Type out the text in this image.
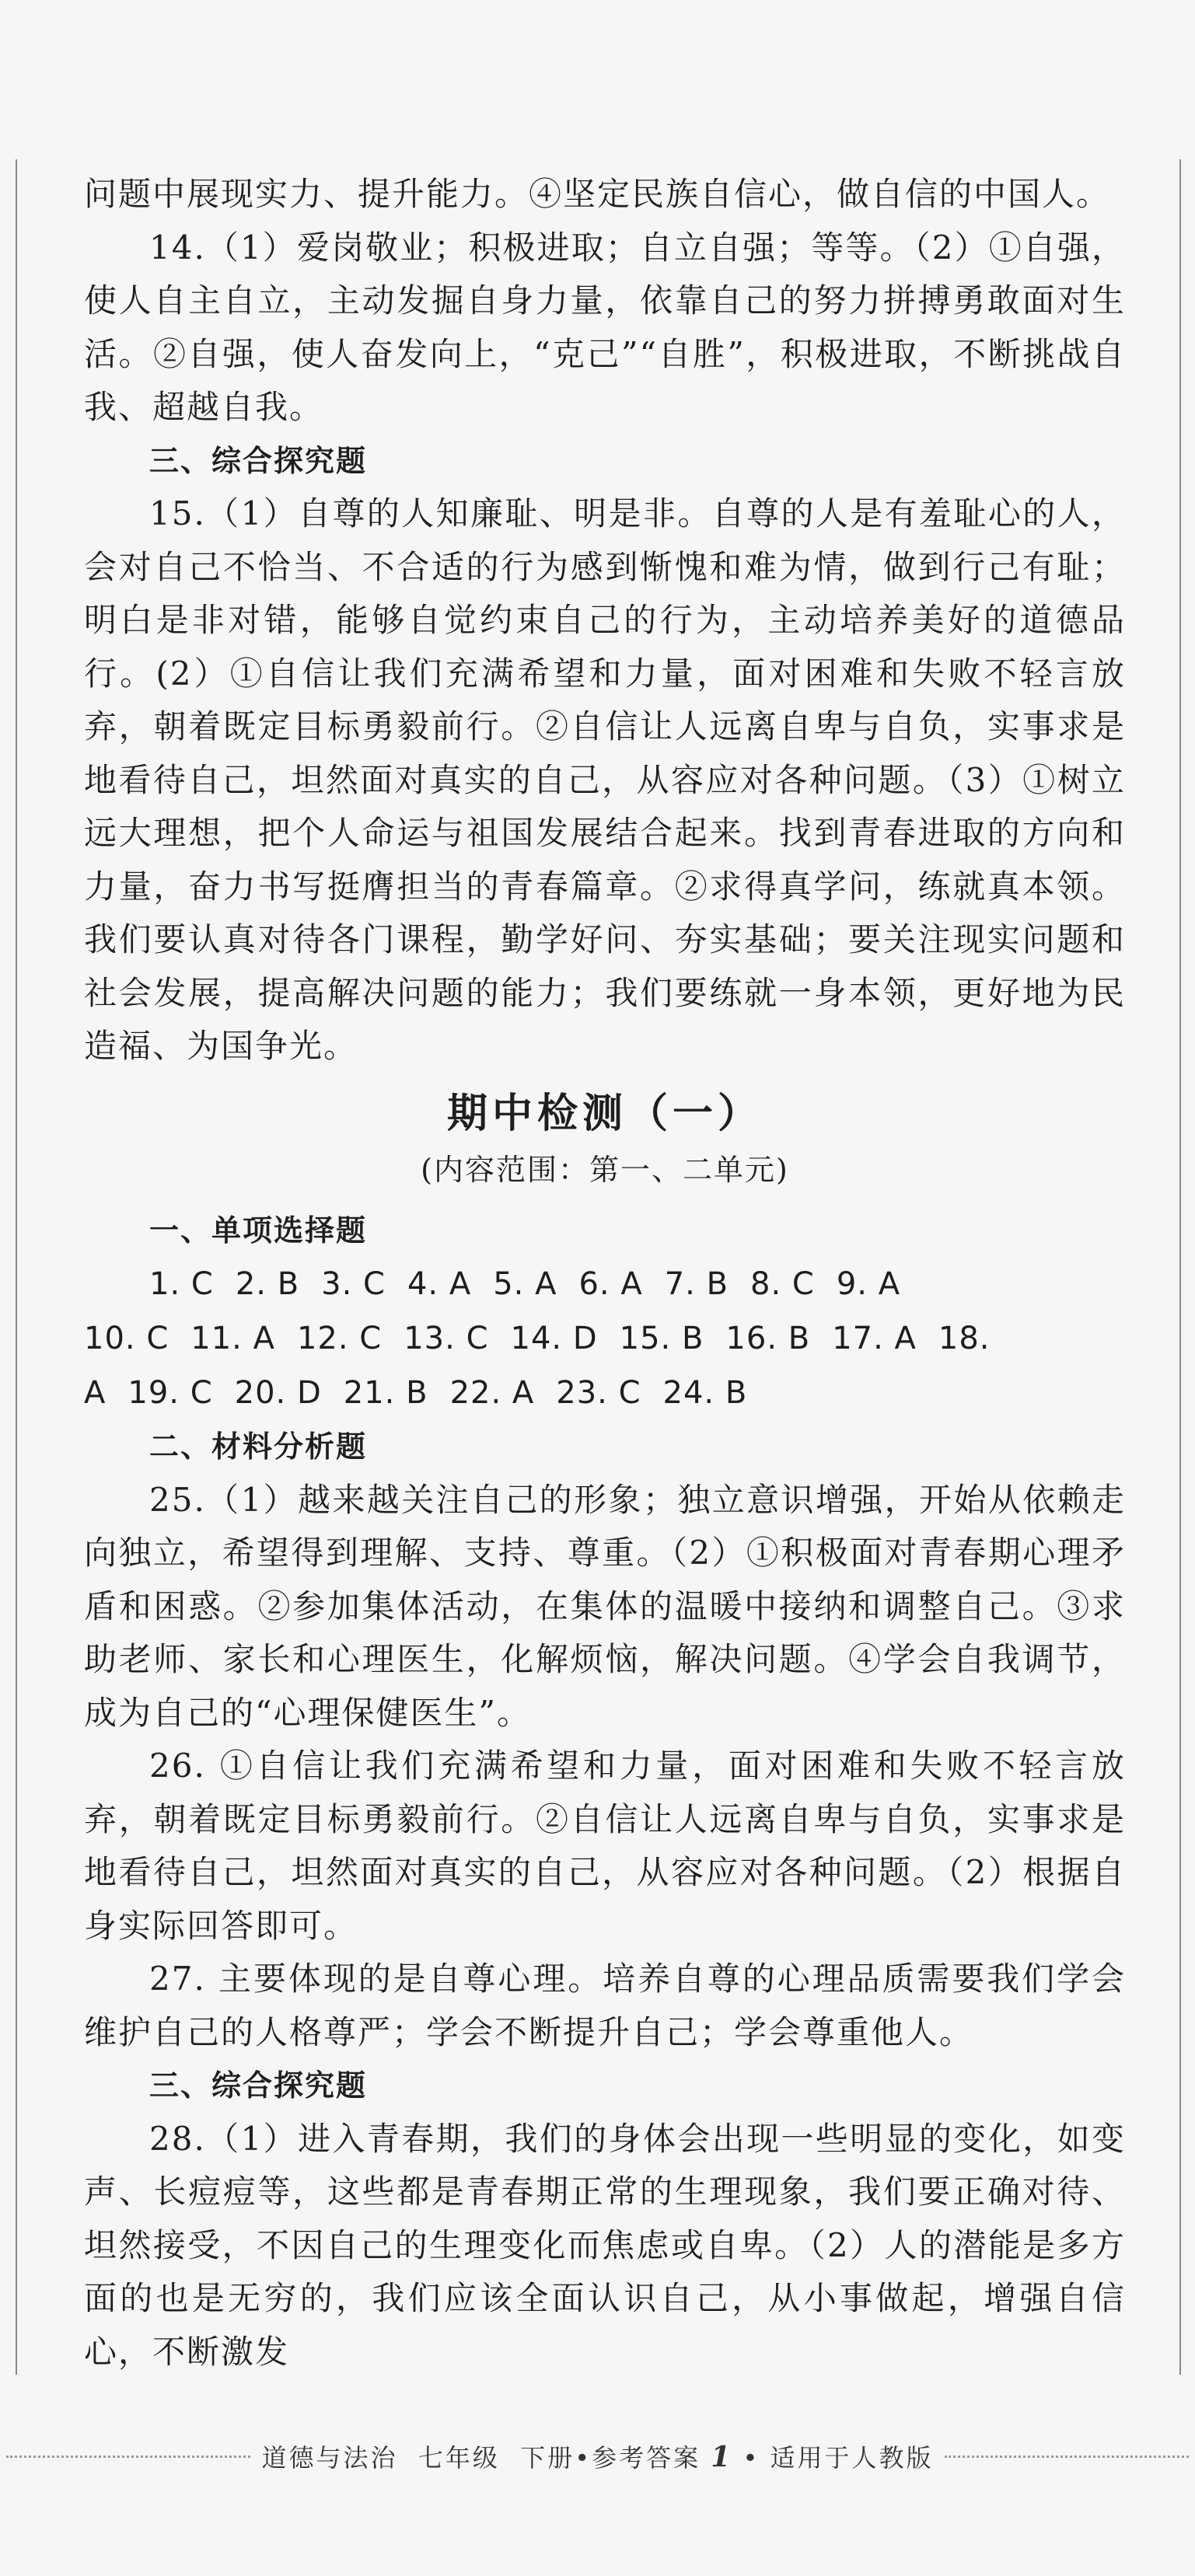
问题中展现实力、提升能力。④坚定民族自信心，做自信的中国人。

14.（1）爱岗敬业；积极进取；自立自强；等等。（2）①自强，使人自主自立，主动发掘自身力量，依靠自己的努力拼搏勇敢面对生活。②自强，使人奋发向上，“克己”“自胜”，积极进取，不断挑战自我、超越自我。

三、综合探究题

15.（1）自尊的人知廉耻、明是非。自尊的人是有羞耻心的人，会对自己不恰当、不合适的行为感到惭愧和难为情，做到行己有耻；明白是非对错，能够自觉约束自己的行为，主动培养美好的道德品行。(2）①自信让我们充满希望和力量，面对困难和失败不轻言放弃，朝着既定目标勇毅前行。②自信让人远离自卑与自负，实事求是地看待自己，坦然面对真实的自己，从容应对各种问题。（3）①树立远大理想，把个人命运与祖国发展结合起来。找到青春进取的方向和力量，奋力书写挺膺担当的青春篇章。②求得真学问，练就真本领。我们要认真对待各门课程，勤学好问、夯实基础；要关注现实问题和社会发展，提高解决问题的能力；我们要练就一身本领，更好地为民造福、为国争光。

期中检测（一）

(内容范围：第一、二单元)

一、单项选择题

1. C 2. B 3. C 4. A 5. A 6. A 7. B 8. C 9. A

10. C 11. A 12. C 13. C 14. D 15. B 16. B 17. A 18.

A 19. C 20. D 21. B 22. A 23. C 24. B

二、材料分析题

25.（1）越来越关注自己的形象；独立意识增强，开始从依赖走向独立，希望得到理解、支持、尊重。（2）①积极面对青春期心理矛盾和困惑。②参加集体活动，在集体的温暖中接纳和调整自己。③求助老师、家长和心理医生，化解烦恼，解决问题。④学会自我调节，成为自己的“心理保健医生”。

26. ①自信让我们充满希望和力量，面对困难和失败不轻言放弃，朝着既定目标勇毅前行。②自信让人远离自卑与自负，实事求是地看待自己，坦然面对真实的自己，从容应对各种问题。（2）根据自身实际回答即可。

27. 主要体现的是自尊心理。培养自尊的心理品质需要我们学会维护自己的人格尊严；学会不断提升自己；学会尊重他人。

三、综合探究题

28.（1）进入青春期，我们的身体会出现一些明显的变化，如变声、长痘痘等，这些都是青春期正常的生理现象，我们要正确对待、坦然接受，不因自己的生理变化而焦虑或自卑。（2）人的潜能是多方面的也是无穷的，我们应该全面认识自己，从小事做起，增强自信心，不断激发

道德与法治 七年级 下册•参考答案 1 • 适用于人教版
